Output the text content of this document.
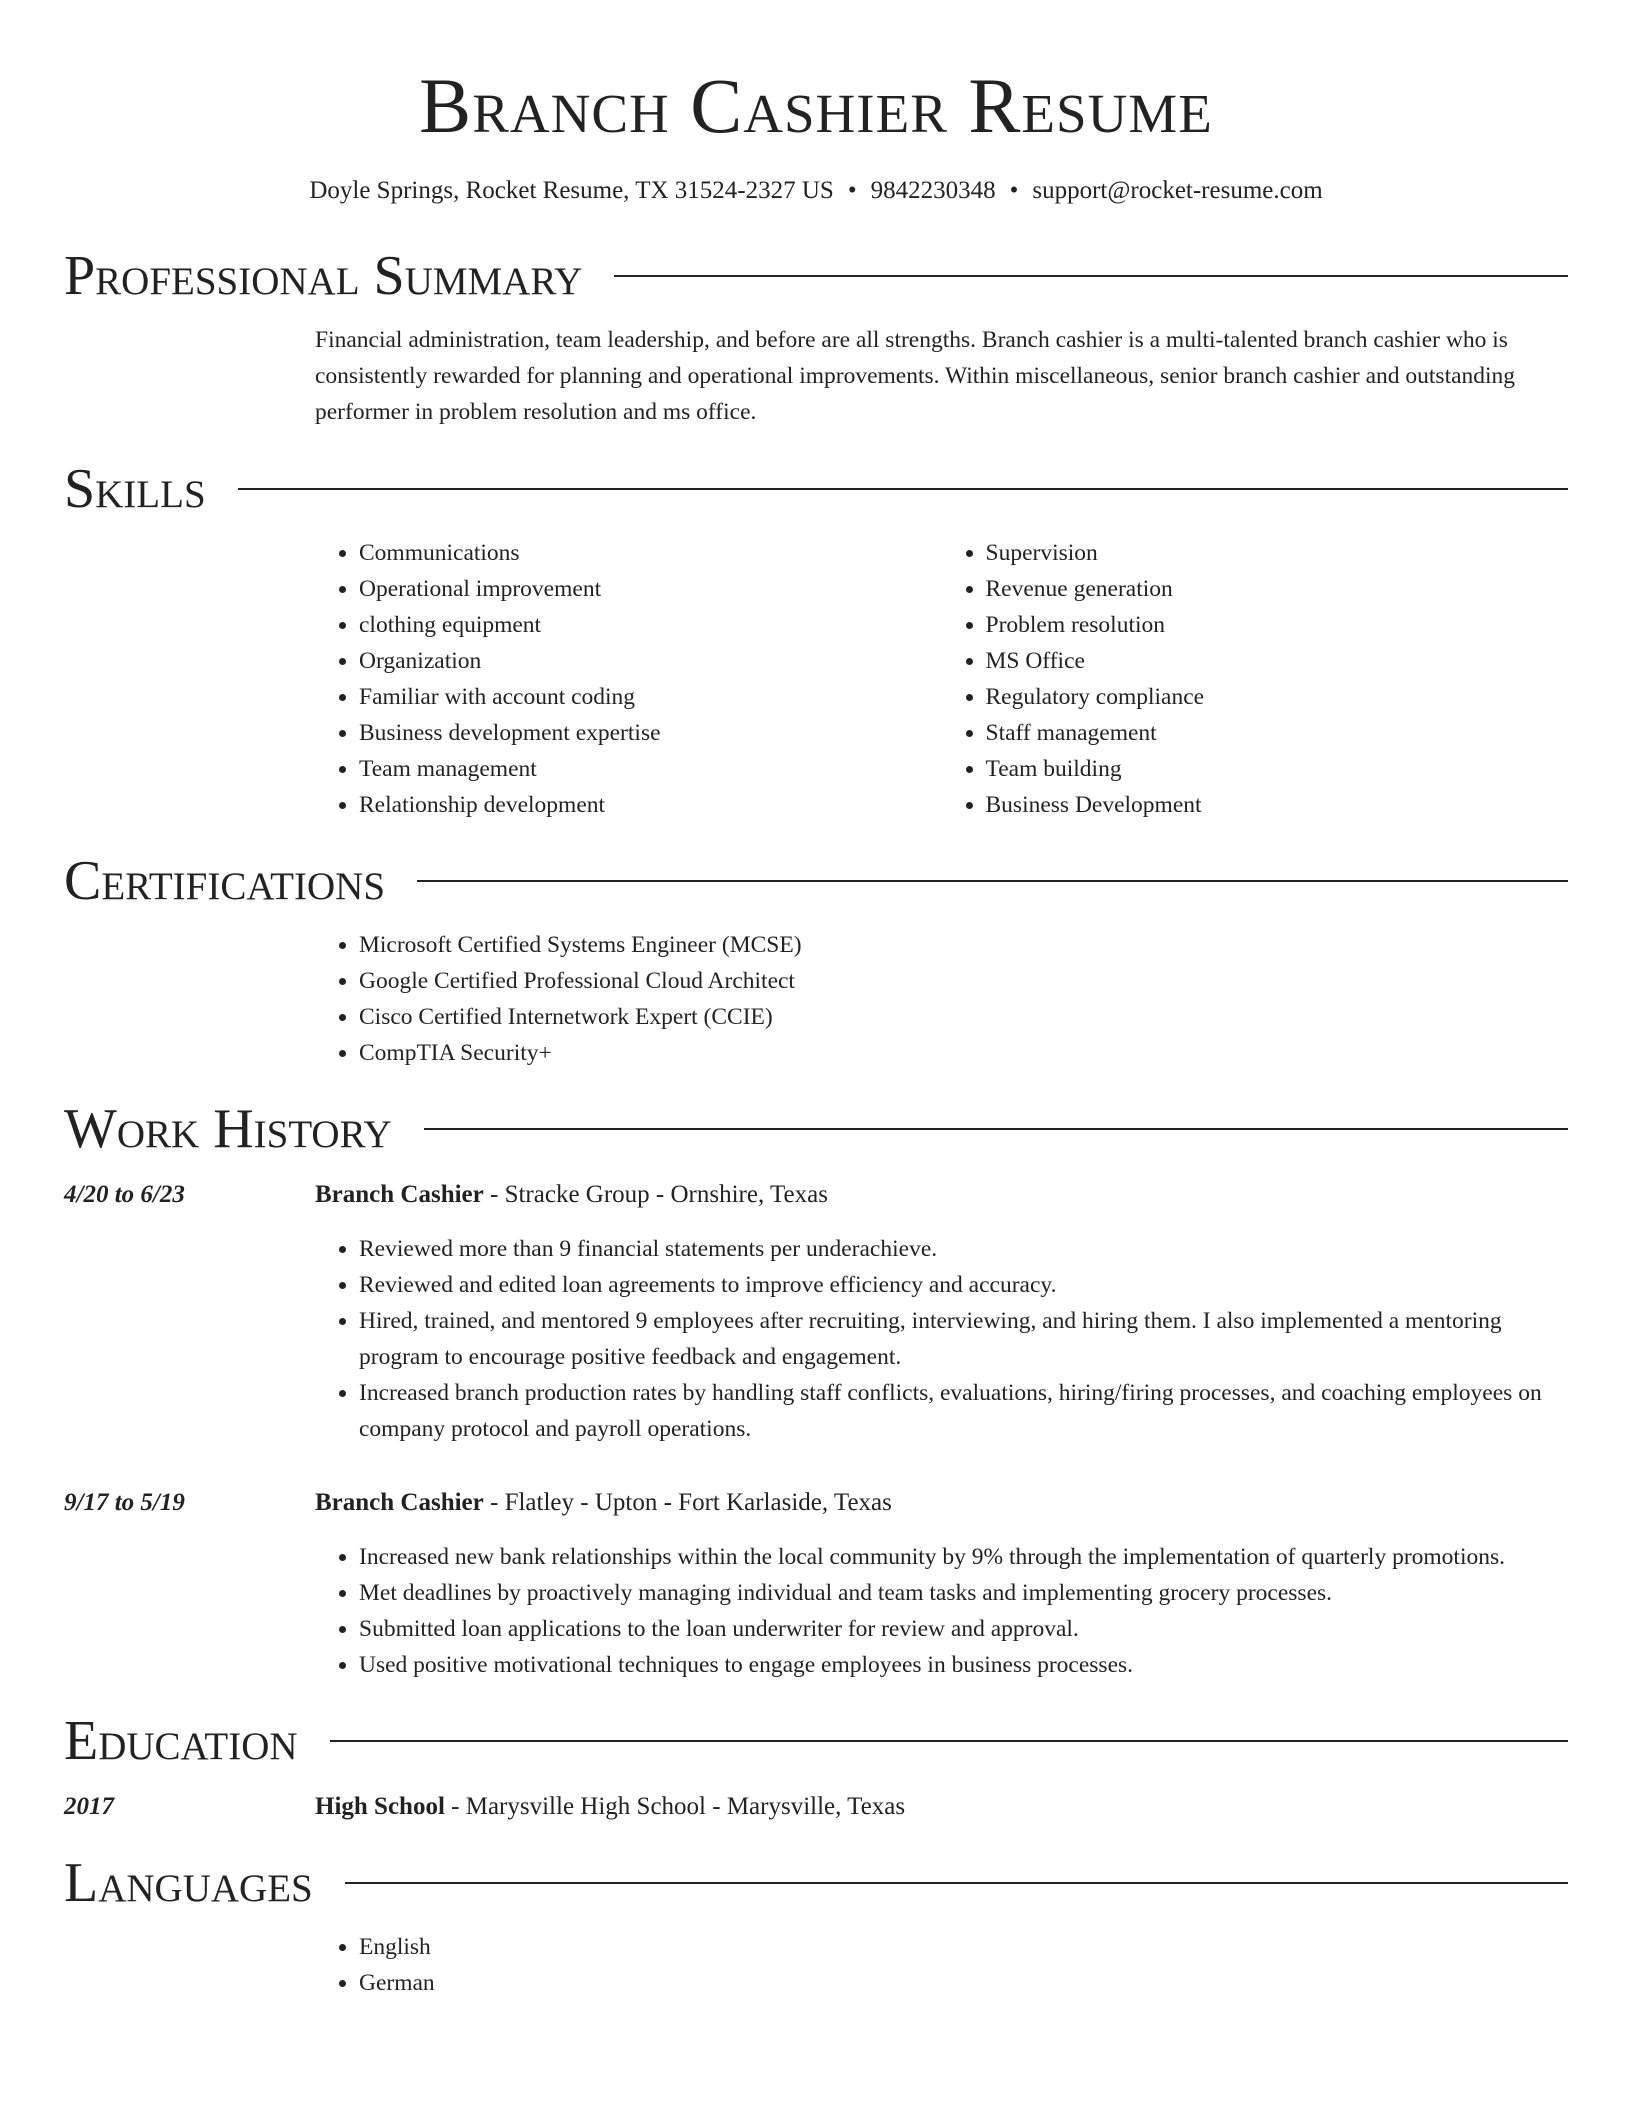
Branch Cashier Resume
Doyle Springs, Rocket Resume, TX 31524-2327 US • 9842230348 • support@rocket-resume.com
Professional Summary

Financial administration, team leadership, and before are all strengths. Branch cashier is a multi-talented branch cashier who is consistently rewarded for planning and operational improvements. Within miscellaneous, senior branch cashier and outstanding performer in problem resolution and ms office.

Skills
• Communications
• Operational improvement
• clothing equipment
• Organization
• Familiar with account coding
• Business development expertise
• Team management
• Relationship development
• Supervision
• Revenue generation
• Problem resolution
• MS Office
• Regulatory compliance
• Staff management
• Team building
• Business Development
Certifications
• Microsoft Certified Systems Engineer (MCSE)
• Google Certified Professional Cloud Architect
• Cisco Certified Internetwork Expert (CCIE)
• CompTIA Security+
Work History
4/20 to 6/23	Branch Cashier - Stracke Group - Ornshire, Texas
• Reviewed more than 9 financial statements per underachieve.
• Reviewed and edited loan agreements to improve efficiency and accuracy.
• Hired, trained, and mentored 9 employees after recruiting, interviewing, and hiring them. I also implemented a mentoring program to encourage positive feedback and engagement.
• Increased branch production rates by handling staff conflicts, evaluations, hiring/firing processes, and coaching employees on company protocol and payroll operations.
9/17 to 5/19	Branch Cashier - Flatley - Upton - Fort Karlaside, Texas
• Increased new bank relationships within the local community by 9% through the implementation of quarterly promotions.
• Met deadlines by proactively managing individual and team tasks and implementing grocery processes.
• Submitted loan applications to the loan underwriter for review and approval.
• Used positive motivational techniques to engage employees in business processes.
Education
2017	High School - Marysville High School - Marysville, Texas
Languages
• English
• German
